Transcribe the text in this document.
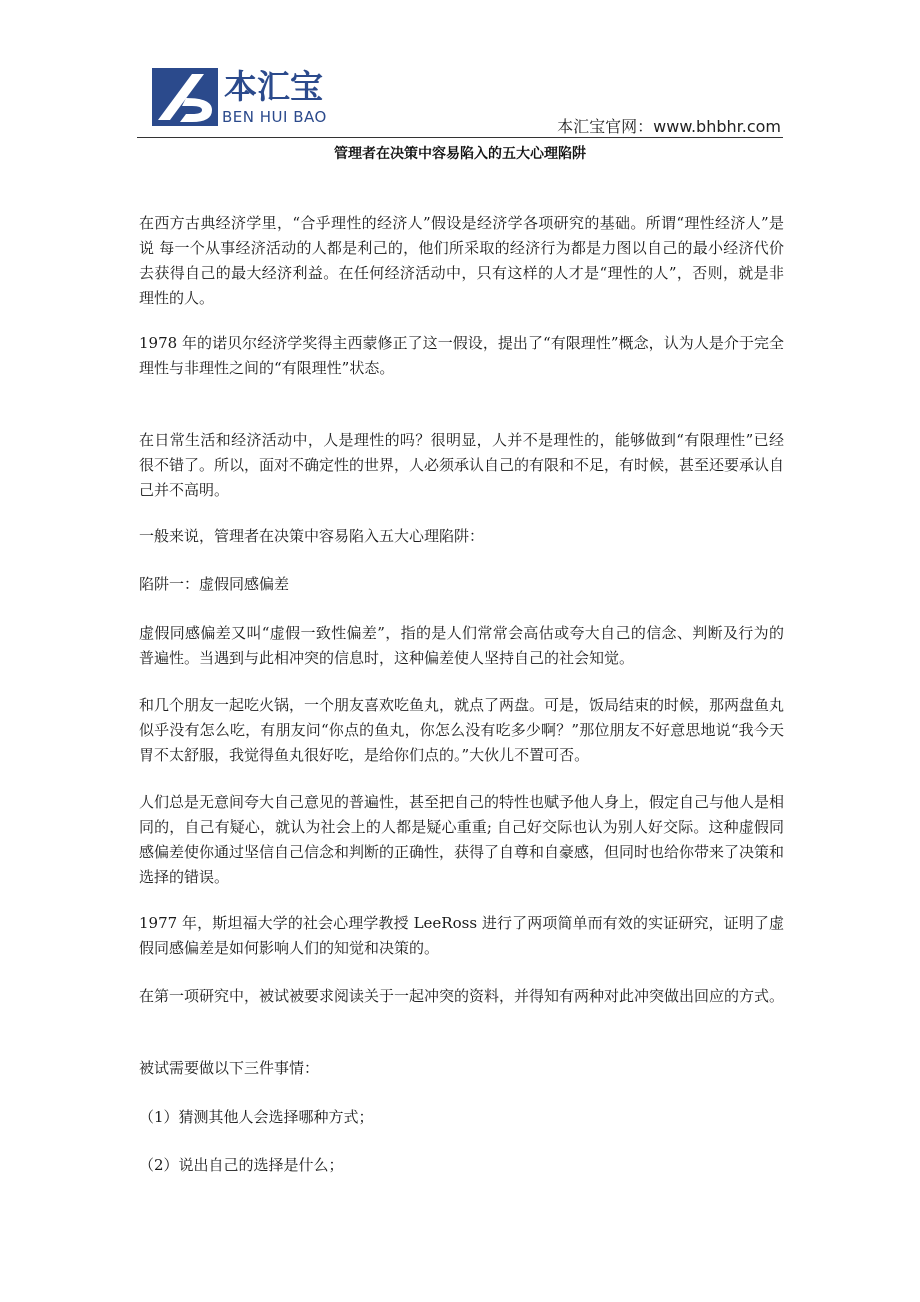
本汇宝
BEN HUI BAO	本汇宝官网：www.bhbhr.com
管理者在决策中容易陷入的五大心理陷阱

在西方古典经济学里，“合乎理性的经济人”假设是经济学各项研究的基础。所谓“理性经济人”是说 每一个从事经济活动的人都是利己的，他们所采取的经济行为都是力图以自己的最小经济代价去获得自己的最大经济利益。在任何经济活动中，只有这样的人才是“理性的人”，否则，就是非理性的人。

1978 年的诺贝尔经济学奖得主西蒙修正了这一假设，提出了“有限理性”概念，认为人是介于完全理性与非理性之间的“有限理性”状态。

在日常生活和经济活动中，人是理性的吗？很明显，人并不是理性的，能够做到“有限理性”已经很不错了。所以，面对不确定性的世界，人必须承认自己的有限和不足，有时候，甚至还要承认自己并不高明。

一般来说，管理者在决策中容易陷入五大心理陷阱：

陷阱一：虚假同感偏差

虚假同感偏差又叫“虚假一致性偏差”，指的是人们常常会高估或夸大自己的信念、判断及行为的普遍性。当遇到与此相冲突的信息时，这种偏差使人坚持自己的社会知觉。

和几个朋友一起吃火锅，一个朋友喜欢吃鱼丸，就点了两盘。可是，饭局结束的时候，那两盘鱼丸似乎没有怎么吃，有朋友问“你点的鱼丸，你怎么没有吃多少啊？”那位朋友不好意思地说“我今天胃不太舒服，我觉得鱼丸很好吃，是给你们点的。”大伙儿不置可否。

人们总是无意间夸大自己意见的普遍性，甚至把自己的特性也赋予他人身上，假定自己与他人是相同的，自己有疑心，就认为社会上的人都是疑心重重; 自己好交际也认为别人好交际。这种虚假同感偏差使你通过坚信自己信念和判断的正确性，获得了自尊和自豪感，但同时也给你带来了决策和选择的错误。

1977 年，斯坦福大学的社会心理学教授 LeeRoss 进行了两项简单而有效的实证研究，证明了虚假同感偏差是如何影响人们的知觉和决策的。

在第一项研究中，被试被要求阅读关于一起冲突的资料，并得知有两种对此冲突做出回应的方式。

被试需要做以下三件事情：

（1）猜测其他人会选择哪种方式；

（2）说出自己的选择是什么；
